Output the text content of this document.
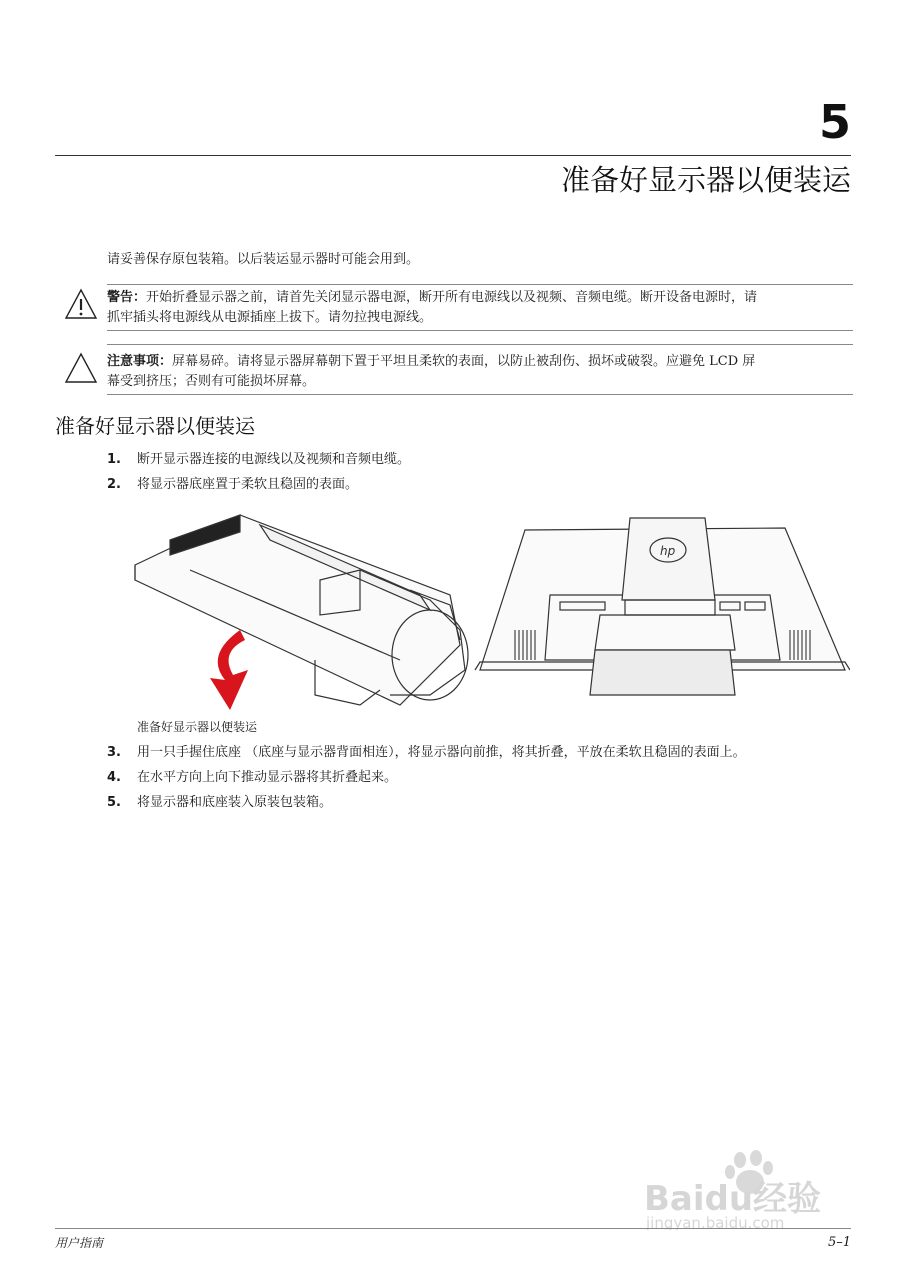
5
准备好显示器以便装运
请妥善保存原包装箱。以后装运显示器时可能会用到。
警告：开始折叠显示器之前，请首先关闭显示器电源，断开所有电源线以及视频、音频电缆。断开设备电源时，请
抓牢插头将电源线从电源插座上拔下。请勿拉拽电源线。
注意事项：屏幕易碎。请将显示器屏幕朝下置于平坦且柔软的表面，以防止被刮伤、损坏或破裂。应避免 LCD 屏
幕受到挤压；否则有可能损坏屏幕。
准备好显示器以便装运
1. 断开显示器连接的电源线以及视频和音频电缆。
2. 将显示器底座置于柔软且稳固的表面。
hp
准备好显示器以便装运
3. 用一只手握住底座 （底座与显示器背面相连），将显示器向前推，将其折叠，平放在柔软且稳固的表面上。
4. 在水平方向上向下推动显示器将其折叠起来。
5. 将显示器和底座装入原装包装箱。
Baidu经验
jingyan.baidu.com
用户指南	5–1
